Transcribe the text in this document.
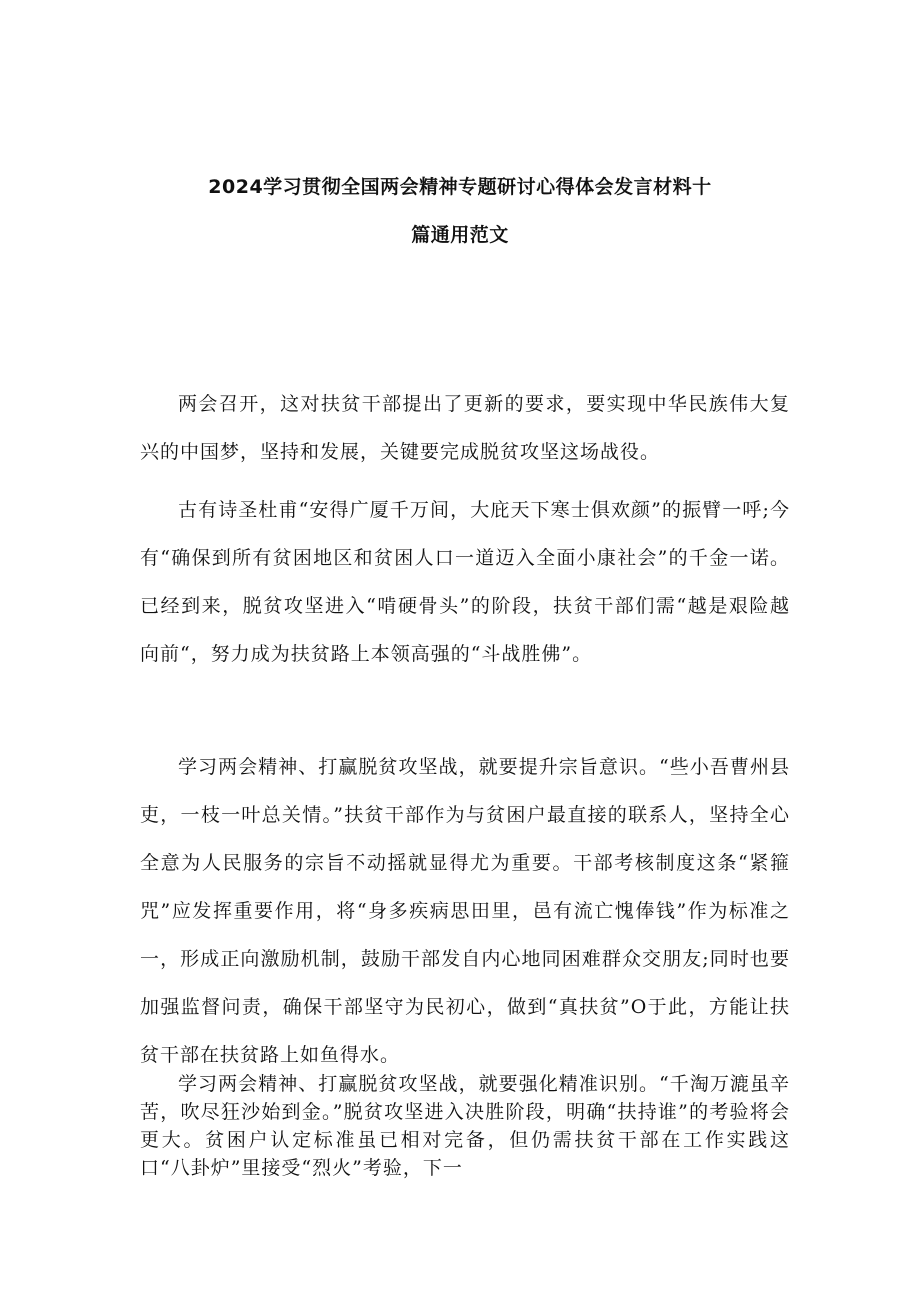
2024学习贯彻全国两会精神专题研讨心得体会发言材料十
篇通用范文

两会召开，这对扶贫干部提出了更新的要求，要实现中华民族伟大复兴的中国梦，坚持和发展，关键要完成脱贫攻坚这场战役。

古有诗圣杜甫“安得广厦千万间，大庇天下寒士俱欢颜”的振臂一呼;今有“确保到所有贫困地区和贫困人口一道迈入全面小康社会”的千金一诺。已经到来，脱贫攻坚进入“啃硬骨头”的阶段，扶贫干部们需“越是艰险越向前“，努力成为扶贫路上本领高强的“斗战胜佛”。

学习两会精神、打赢脱贫攻坚战，就要提升宗旨意识。“些小吾曹州县吏，一枝一叶总关情。”扶贫干部作为与贫困户最直接的联系人，坚持全心全意为人民服务的宗旨不动摇就显得尤为重要。干部考核制度这条“紧箍咒”应发挥重要作用，将“身多疾病思田里，邑有流亡愧俸钱”作为标准之一，形成正向激励机制，鼓励干部发自内心地同困难群众交朋友;同时也要加强监督问责，确保干部坚守为民初心，做到“真扶贫”O于此，方能让扶贫干部在扶贫路上如鱼得水。

学习两会精神、打赢脱贫攻坚战，就要强化精准识别。“千淘万漉虽辛苦，吹尽狂沙始到金。”脱贫攻坚进入决胜阶段，明确“扶持谁”的考验将会更大。贫困户认定标准虽已相对完备，但仍需扶贫干部在工作实践这口“八卦炉”里接受“烈火”考验，下一
